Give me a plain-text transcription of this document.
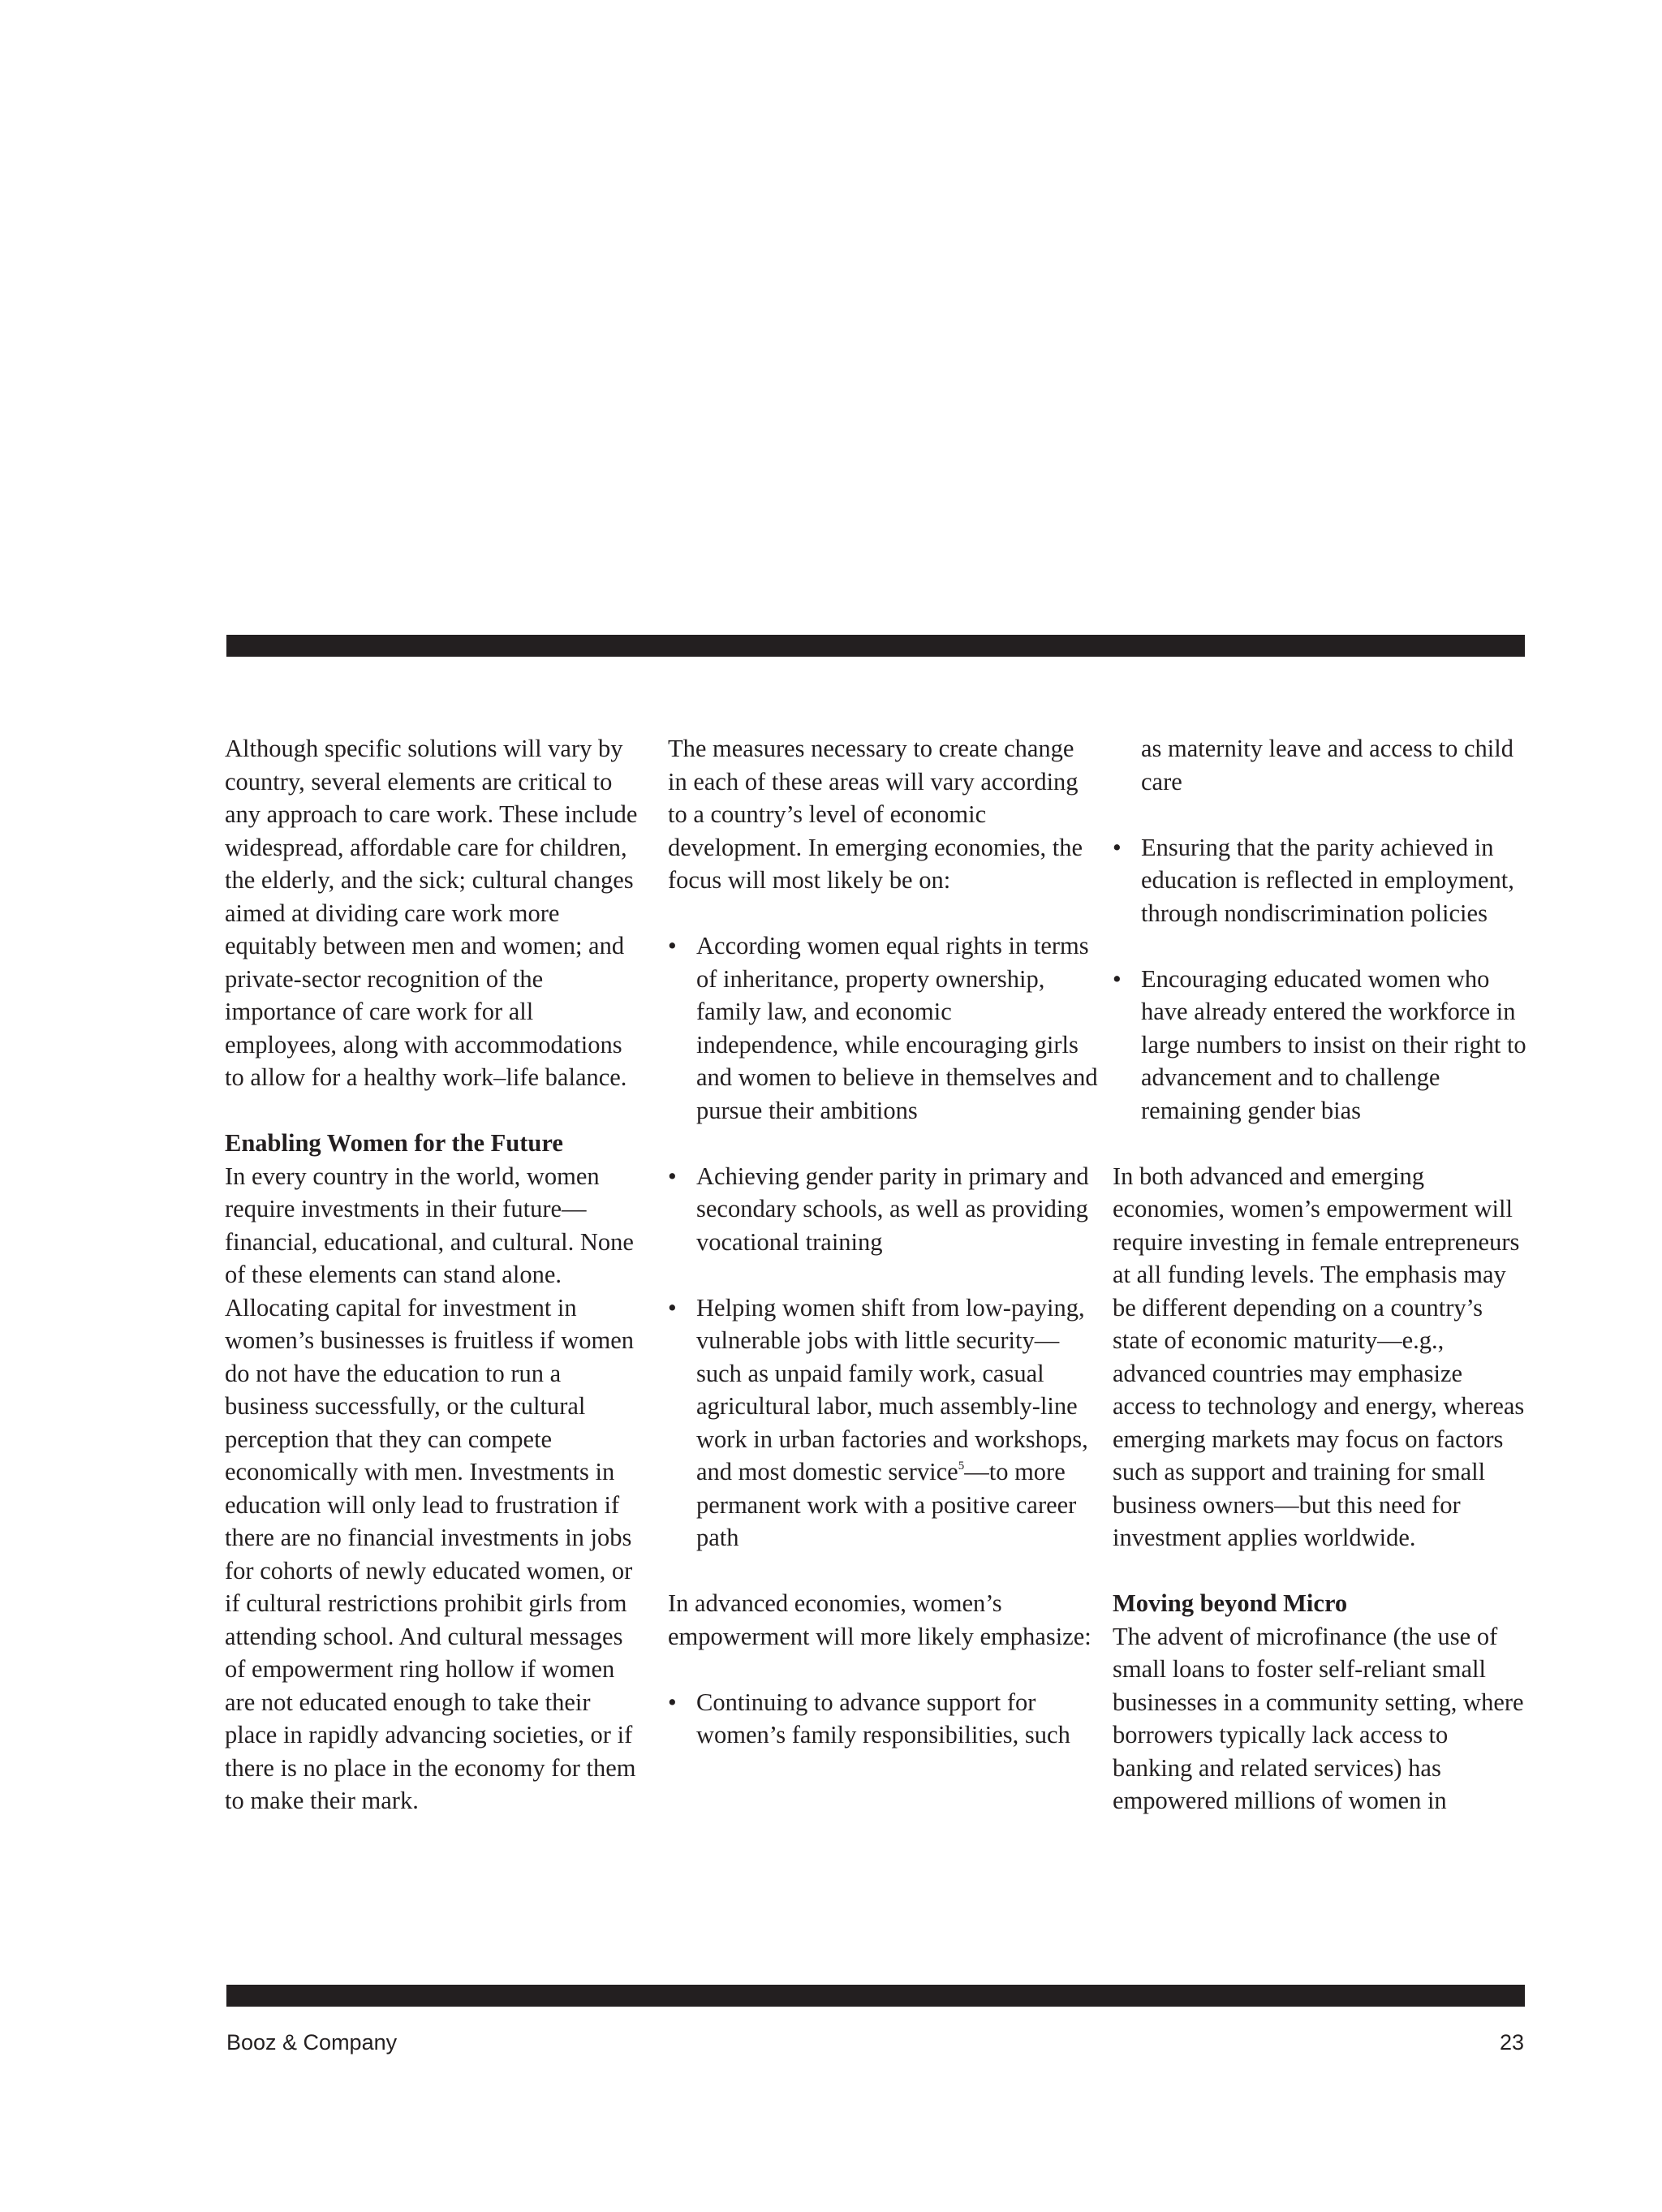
Although specific solutions will vary by country, several elements are critical to any approach to care work. These include widespread, affordable care for children, the elderly, and the sick; cultural changes aimed at dividing care work more equitably between men and women; and private-sector recognition of the importance of care work for all employees, along with accommodations to allow for a healthy work–life balance.

Enabling Women for the Future

In every country in the world, women require investments in their future—financial, educational, and cultural. None of these elements can stand alone. Allocating capital for investment in women’s businesses is fruitless if women do not have the education to run a business successfully, or the cultural perception that they can compete economically with men. Investments in education will only lead to frustration if there are no financial investments in jobs for cohorts of newly educated women, or if cultural restrictions prohibit girls from attending school. And cultural messages of empowerment ring hollow if women are not educated enough to take their place in rapidly advancing societies, or if there is no place in the economy for them to make their mark.

The measures necessary to create change in each of these areas will vary according to a country’s level of economic development. In emerging economies, the focus will most likely be on:

• According women equal rights in terms of inheritance, property ownership, family law, and economic independence, while encouraging girls and women to believe in themselves and pursue their ambitions

• Achieving gender parity in primary and secondary schools, as well as providing vocational training

• Helping women shift from low-paying, vulnerable jobs with little security—such as unpaid family work, casual agricultural labor, much assembly-line work in urban factories and workshops, and most domestic service$^5$—to more permanent work with a positive career path

In advanced economies, women’s empowerment will more likely emphasize:

• Continuing to advance support for women’s family responsibilities, such

as maternity leave and access to child care

• Ensuring that the parity achieved in education is reflected in employment, through nondiscrimination policies

• Encouraging educated women who have already entered the workforce in large numbers to insist on their right to advancement and to challenge remaining gender bias

In both advanced and emerging economies, women’s empowerment will require investing in female entrepreneurs at all funding levels. The emphasis may be different depending on a country’s state of economic maturity—e.g., advanced countries may emphasize access to technology and energy, whereas emerging markets may focus on factors such as support and training for small business owners—but this need for investment applies worldwide.

Moving beyond Micro

The advent of microfinance (the use of small loans to foster self-reliant small businesses in a community setting, where borrowers typically lack access to banking and related services) has empowered millions of women in

Booz & Company	23
